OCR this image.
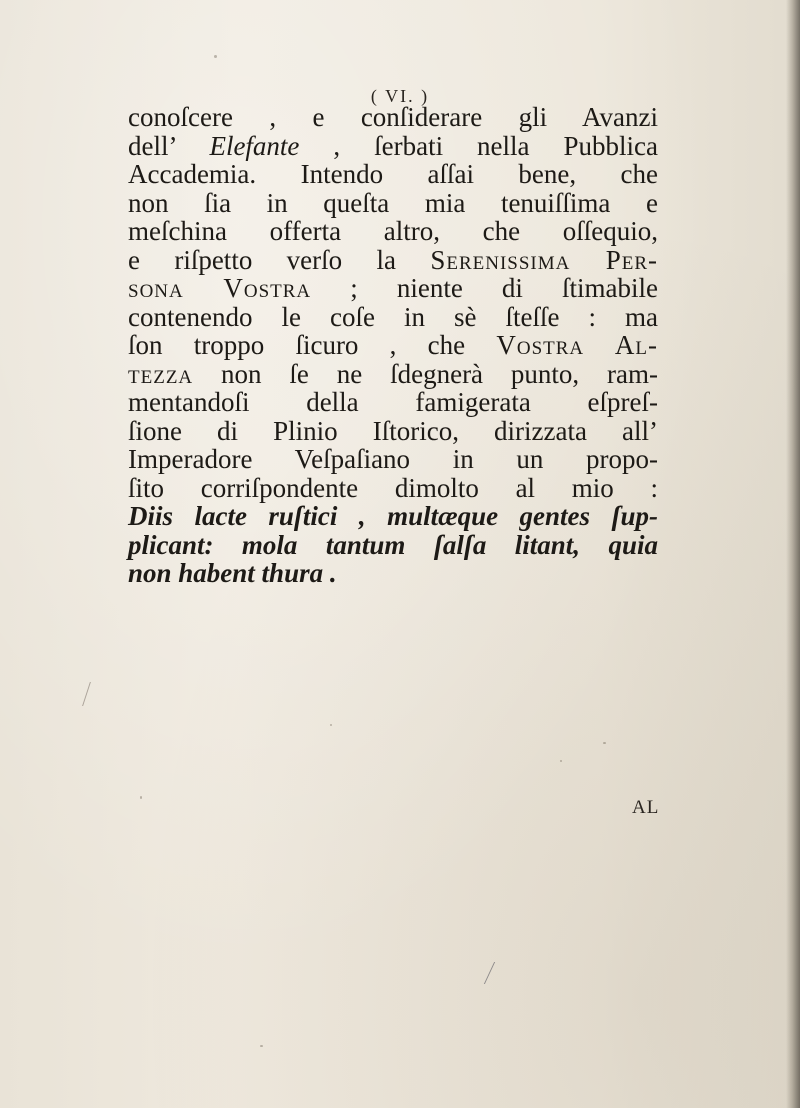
( VI. )
conoſcere , e conſiderare gli Avanzi
dell’ Elefante , ſerbati nella Pubblica
Accademia. Intendo aſſai bene, che
non ſia in queſta mia tenuiſſima e
meſchina offerta altro, che oſſequio,
e riſpetto verſo la Serenissima Per-
sona Vostra ; niente di ſtimabile
contenendo le coſe in sè ſteſſe : ma
ſon troppo ſicuro , che Vostra Al-
tezza non ſe ne ſdegnerà punto, ram-
mentandoſi della famigerata eſpreſ-
ſione di Plinio Iſtorico, dirizzata all’
Imperadore Veſpaſiano in un propo-
ſito corriſpondente dimolto al mio :
Diis lacte ruſtici , multæque gentes ſup-
plicant: mola tantum ſalſa litant, quia
non habent thura .
AL
